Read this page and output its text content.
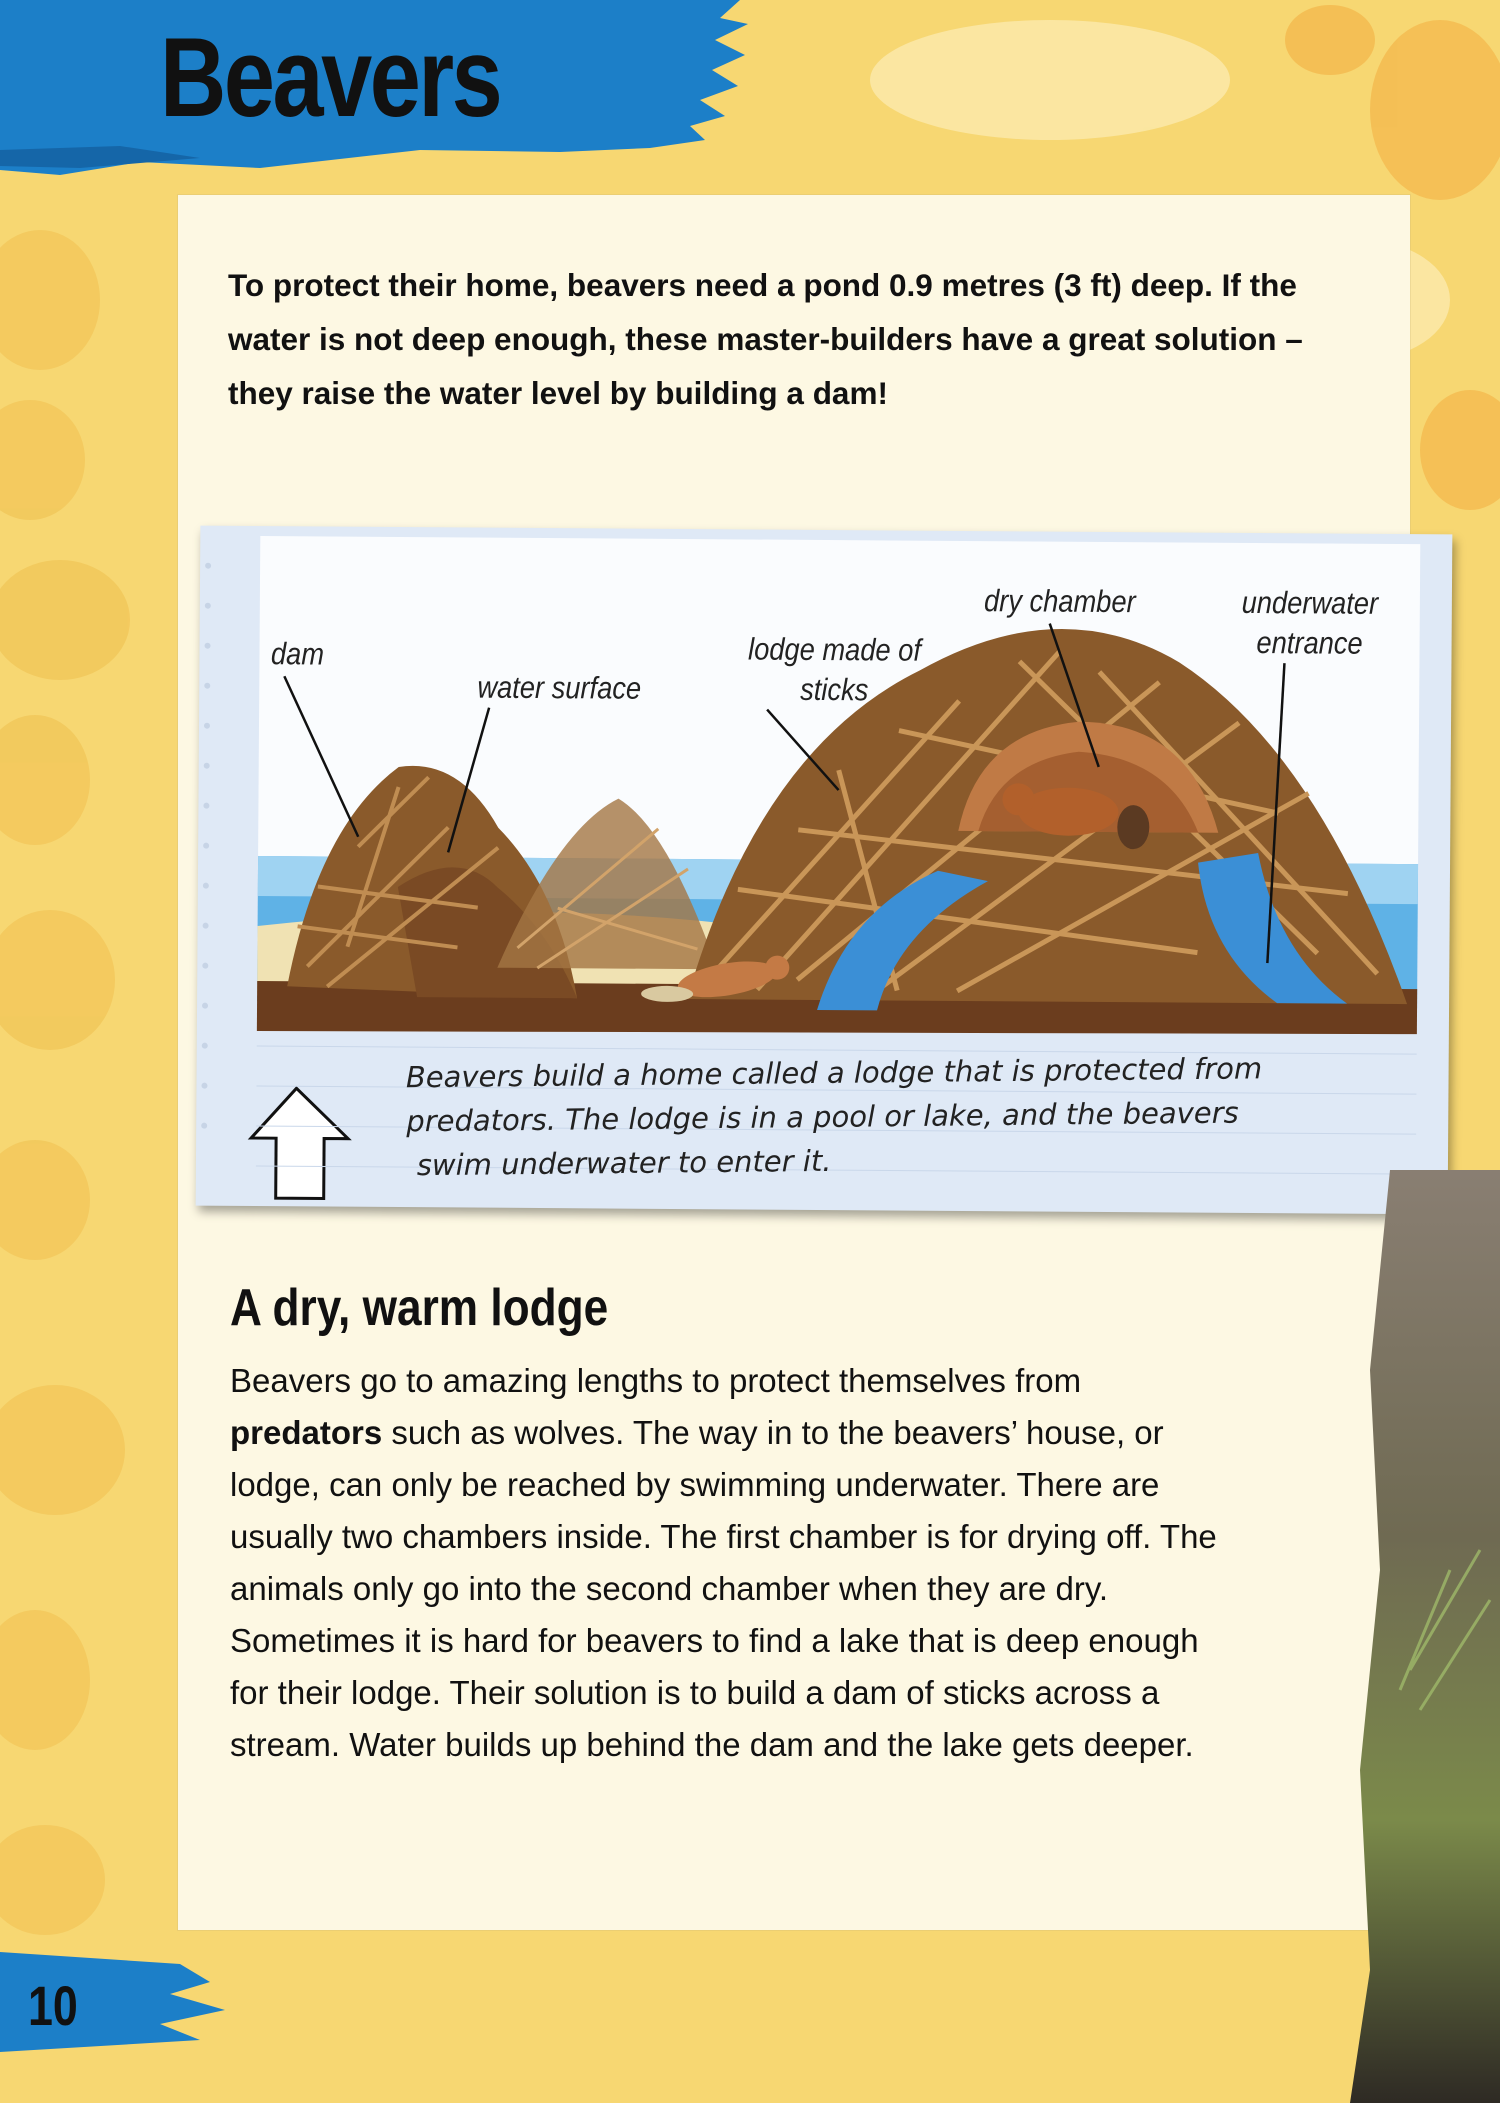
Beavers
To protect their home, beavers need a pond 0.9 metres (3 ft) deep. If the water is not deep enough, these master-builders have a great solution – they raise the water level by building a dam!
dam
water surface
lodge made of
sticks
dry chamber	underwater
entrance
Beavers build a home called a lodge that is protected from
predators. The lodge is in a pool or lake, and the beavers
swim underwater to enter it.
A dry, warm lodge
Beavers go to amazing lengths to protect themselves from predators such as wolves. The way in to the beavers’ house, or lodge, can only be reached by swimming underwater. There are usually two chambers inside. The first chamber is for drying off. The animals only go into the second chamber when they are dry. Sometimes it is hard for beavers to find a lake that is deep enough for their lodge. Their solution is to build a dam of sticks across a stream. Water builds up behind the dam and the lake gets deeper.
10
